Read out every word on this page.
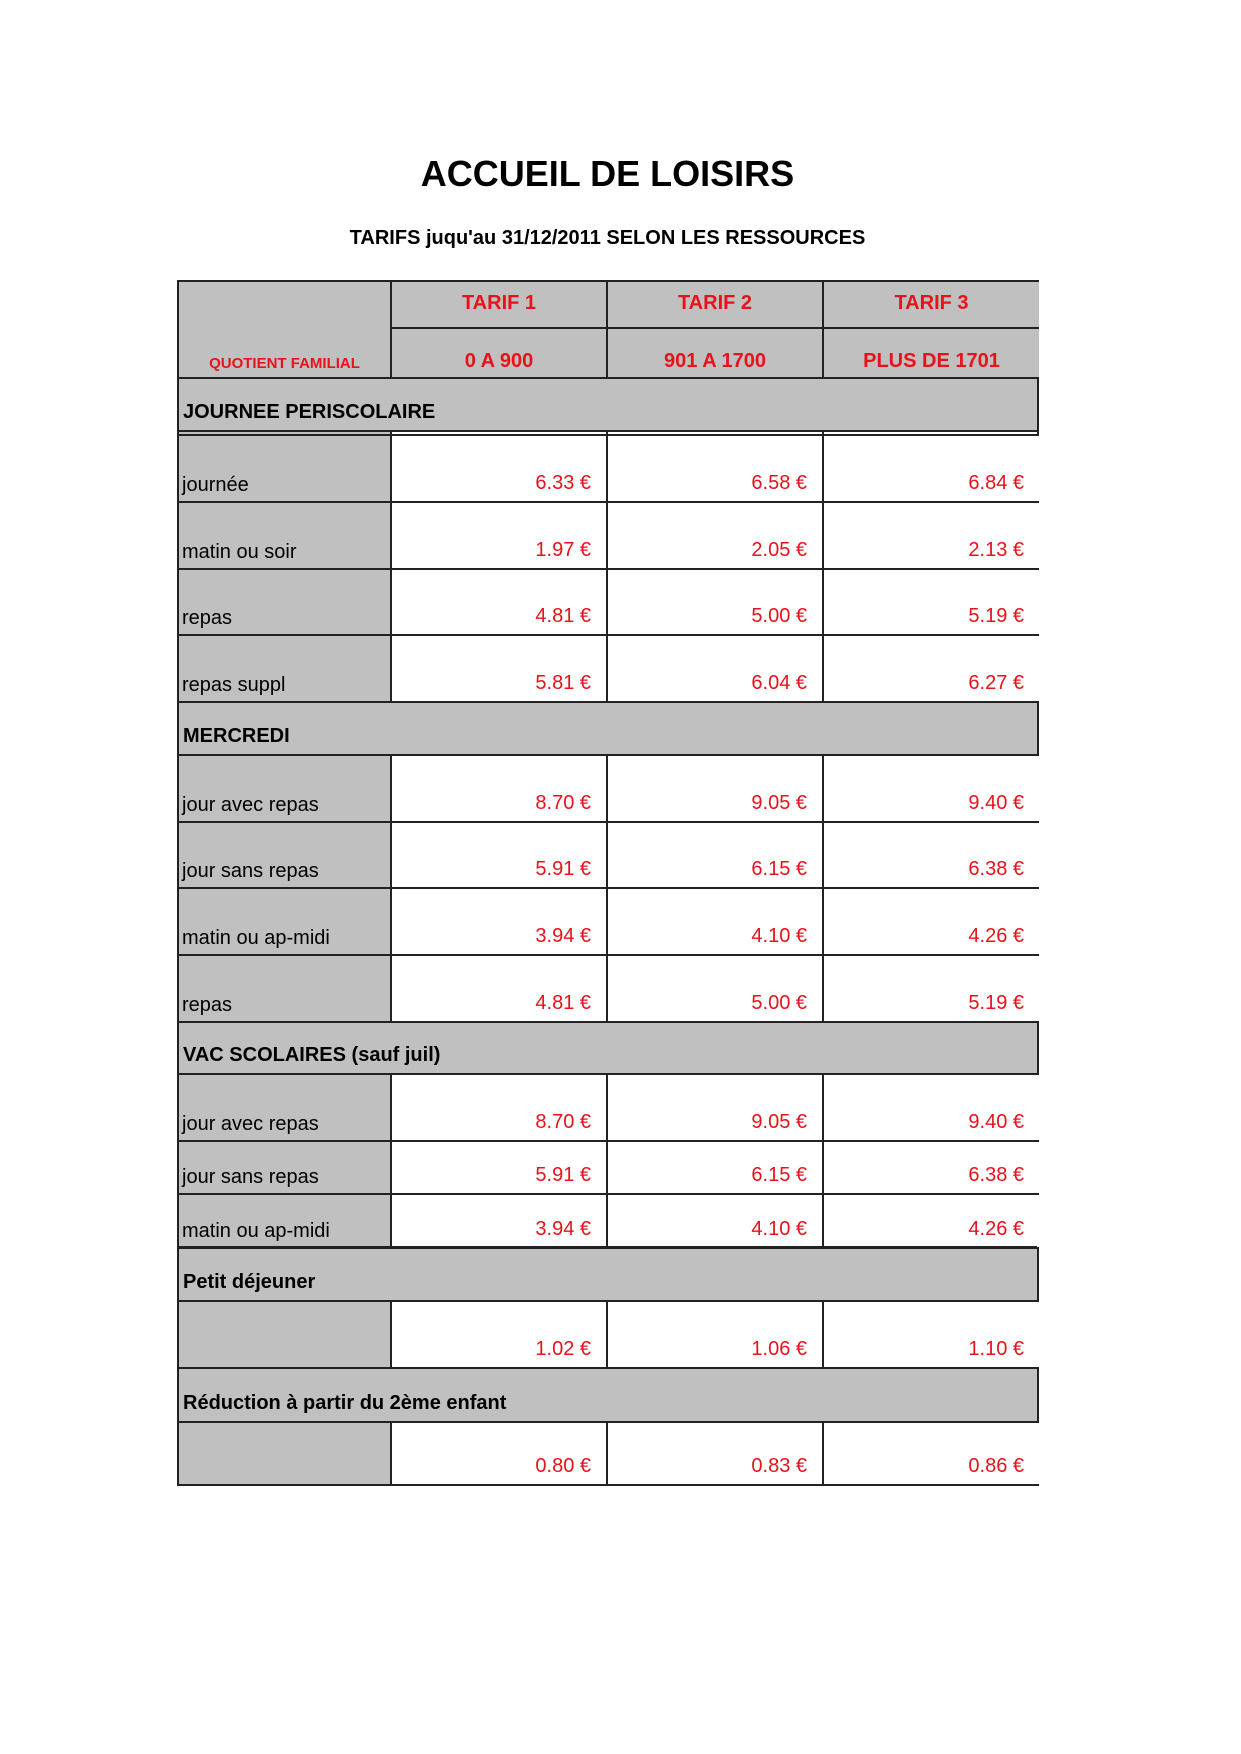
ACCUEIL DE LOISIRS
TARIFS juqu'au 31/12/2011 SELON LES RESSOURCES
QUOTIENT FAMILIAL
TARIF 1	TARIF 2	TARIF 3
0 A 900	901 A 1700	PLUS DE 1701
JOURNEE PERISCOLAIRE
journée	6.33 €	6.58 €	6.84 €
matin ou soir	1.97 €	2.05 €	2.13 €
repas	4.81 €	5.00 €	5.19 €
repas suppl	5.81 €	6.04 €	6.27 €
MERCREDI
jour avec repas	8.70 €	9.05 €	9.40 €
jour sans repas	5.91 €	6.15 €	6.38 €
matin ou ap-midi	3.94 €	4.10 €	4.26 €
repas	4.81 €	5.00 €	5.19 €
VAC SCOLAIRES (sauf juil)
jour avec repas	8.70 €	9.05 €	9.40 €
jour sans repas	5.91 €	6.15 €	6.38 €
matin ou ap-midi	3.94 €	4.10 €	4.26 €
Petit déjeuner
1.02 €	1.06 €	1.10 €
Réduction à partir du 2ème enfant
0.80 €	0.83 €	0.86 €
